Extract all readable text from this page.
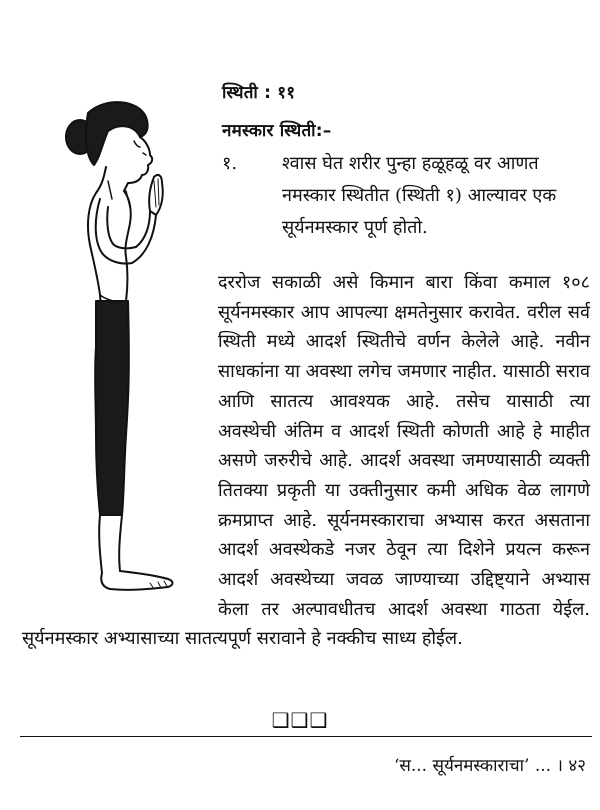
स्थिती : ११
नमस्कार स्थिती:–
१. श्वास घेत शरीर पुन्हा हळूहळू वर आणत नमस्कार स्थितीत (स्थिती १) आल्यावर एक सूर्यनमस्कार पूर्ण होतो.
दररोज सकाळी असे किमान बारा किंवा कमाल १०८ सूर्यनमस्कार आप आपल्या क्षमतेनुसार करावेत. वरील सर्व स्थिती मध्ये आदर्श स्थितीचे वर्णन केलेले आहे. नवीन साधकांना या अवस्था लगेच जमणार नाहीत. यासाठी सराव आणि सातत्य आवश्यक आहे. तसेच यासाठी त्या अवस्थेची अंतिम व आदर्श स्थिती कोणती आहे हे माहीत असणे जरुरीचे आहे. आदर्श अवस्था जमण्यासाठी व्यक्ती तितक्या प्रकृती या उक्तीनुसार कमी अधिक वेळ लागणे क्रमप्राप्त आहे. सूर्यनमस्काराचा अभ्यास करत असताना आदर्श अवस्थेकडे नजर ठेवून त्या दिशेने प्रयत्न करून आदर्श अवस्थेच्या जवळ जाण्याच्या उद्दिष्ट्याने अभ्यास केला तर अल्पावधीतच आदर्श अवस्था गाठता येईल. सूर्यनमस्कार अभ्यासाच्या सातत्यपूर्ण सरावाने हे नक्कीच साध्य होईल.
❑❑❑
‘स... सूर्यनमस्काराचा’ ... । ४२
